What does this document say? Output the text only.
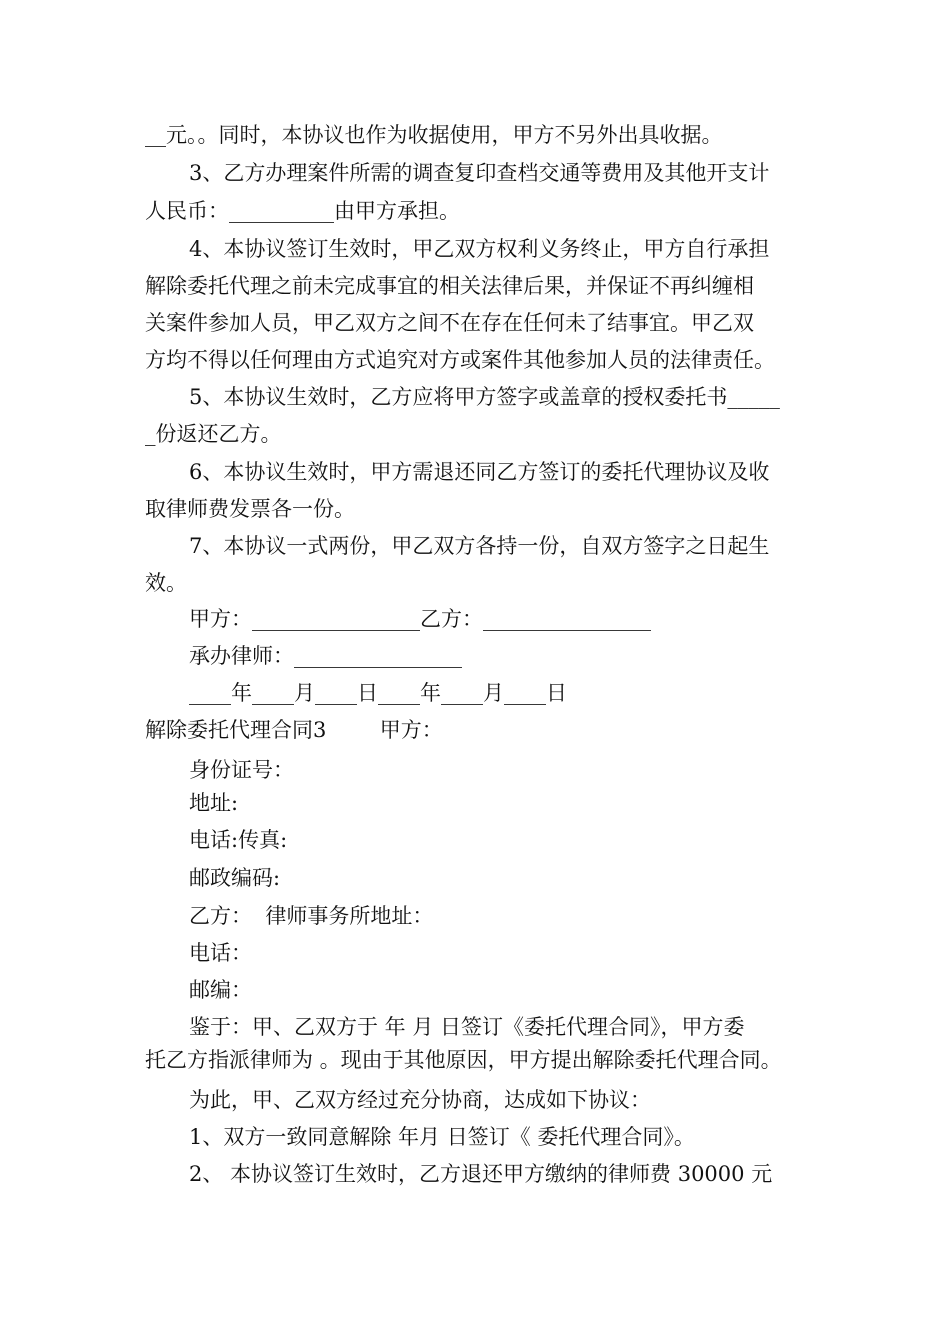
__元。。同时，本协议也作为收据使用，甲方不另外出具收据。
3、乙方办理案件所需的调查复印查档交通等费用及其他开支计
人民币：__________由甲方承担。
4、本协议签订生效时，甲乙双方权利义务终止，甲方自行承担
解除委托代理之前未完成事宜的相关法律后果，并保证不再纠缠相
关案件参加人员，甲乙双方之间不在存在任何未了结事宜。甲乙双
方均不得以任何理由方式追究对方或案件其他参加人员的法律责任。
5、本协议生效时，乙方应将甲方签字或盖章的授权委托书_____
_份返还乙方。
6、本协议生效时，甲方需退还同乙方签订的委托代理协议及收
取律师费发票各一份。
7、本协议一式两份，甲乙双方各持一份，自双方签字之日起生
效。
甲方：________________乙方：________________
承办律师：________________
____年____月____日____年____月____日
解除委托代理合同3        甲方：
身份证号：
地址:
电话:传真:
邮政编码:
乙方：  律师事务所地址：
电话：
邮编：
鉴于：甲、乙双方于 年 月 日签订《委托代理合同》，甲方委
托乙方指派律师为 。现由于其他原因，甲方提出解除委托代理合同。
为此，甲、乙双方经过充分协商，达成如下协议：
1、双方一致同意解除 年月 日签订《 委托代理合同》。
2、 本协议签订生效时，乙方退还甲方缴纳的律师费 30000 元
